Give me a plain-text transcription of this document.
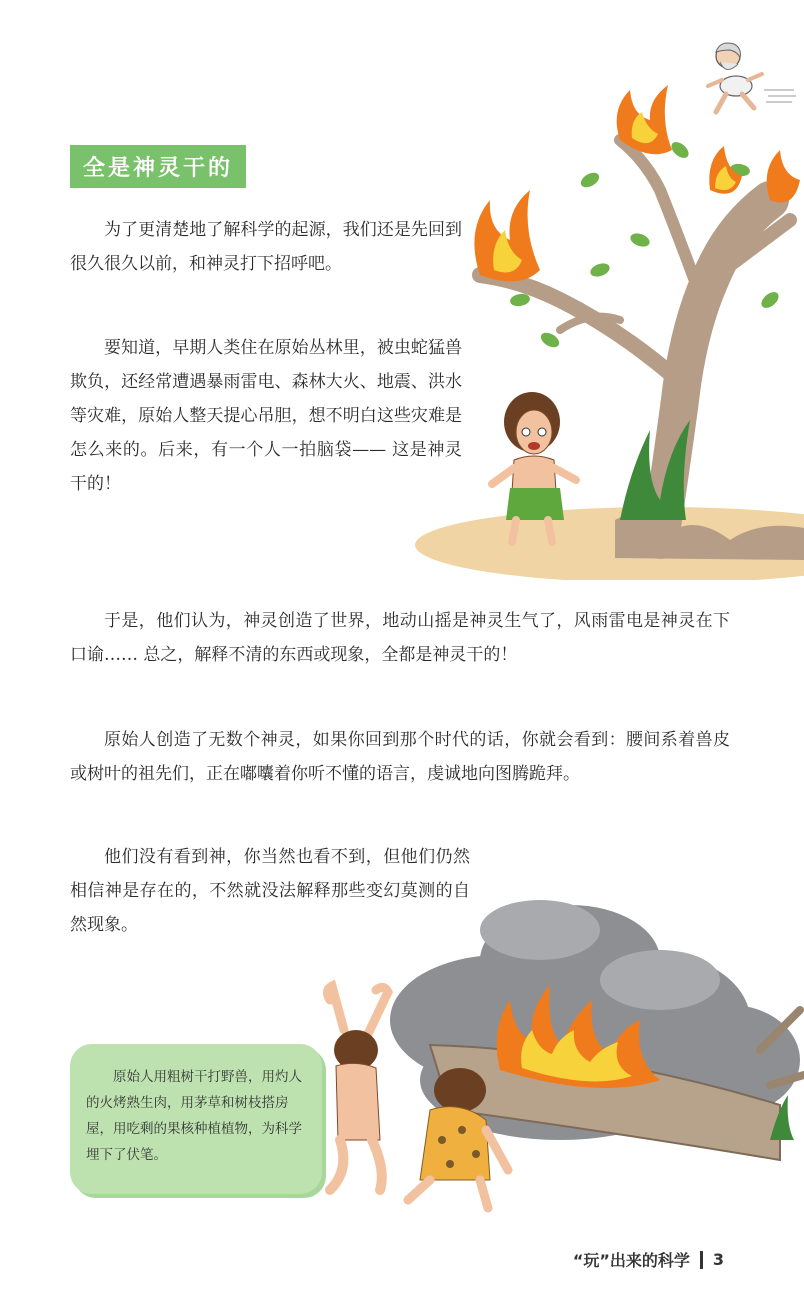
全是神灵干的
为了更清楚地了解科学的起源，我们还是先回到很久很久以前，和神灵打下招呼吧。
要知道，早期人类住在原始丛林里，被虫蛇猛兽欺负，还经常遭遇暴雨雷电、森林大火、地震、洪水等灾难，原始人整天提心吊胆，想不明白这些灾难是怎么来的。后来，有一个人一拍脑袋—— 这是神灵干的！
于是，他们认为，神灵创造了世界，地动山摇是神灵生气了，风雨雷电是神灵在下口谕…… 总之，解释不清的东西或现象，全都是神灵干的！
原始人创造了无数个神灵，如果你回到那个时代的话，你就会看到：腰间系着兽皮或树叶的祖先们，正在嘟囔着你听不懂的语言，虔诚地向图腾跪拜。
他们没有看到神，你当然也看不到，但他们仍然相信神是存在的，不然就没法解释那些变幻莫测的自然现象。
原始人用粗树干打野兽，用灼人的火烤熟生肉，用茅草和树枝搭房屋，用吃剩的果核种植植物，为科学埋下了伏笔。
“玩”出来的科学 3
